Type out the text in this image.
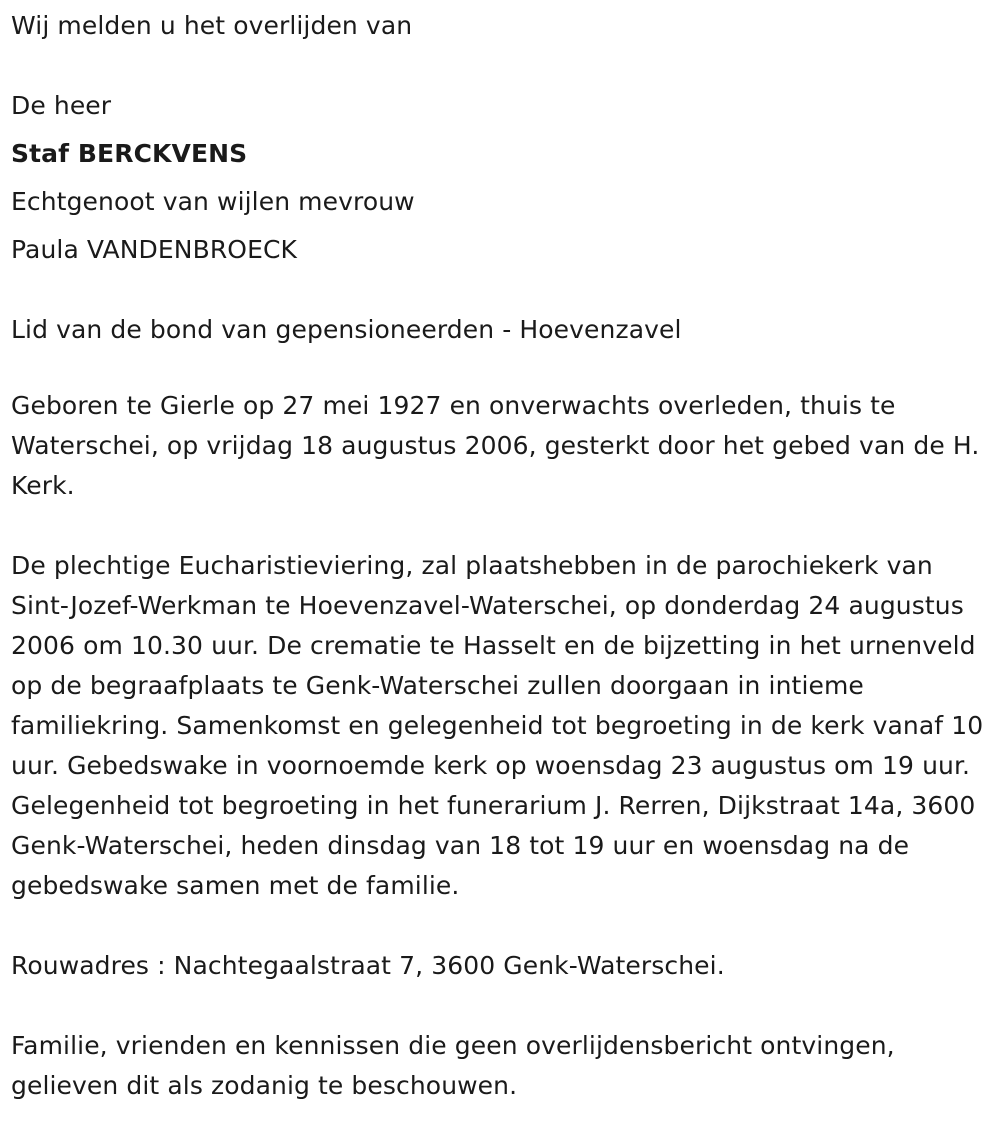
Wij melden u het overlijden van

De heer

Staf BERCKVENS

Echtgenoot van wijlen mevrouw

Paula VANDENBROECK

Lid van de bond van gepensioneerden - Hoevenzavel

Geboren te Gierle op 27 mei 1927 en onverwachts overleden, thuis te Waterschei, op vrijdag 18 augustus 2006, gesterkt door het gebed van de H. Kerk.

De plechtige Eucharistieviering, zal plaatshebben in de parochiekerk van Sint-Jozef-Werkman te Hoevenzavel-Waterschei, op donderdag 24 augustus 2006 om 10.30 uur. De crematie te Hasselt en de bijzetting in het urnenveld op de begraafplaats te Genk-Waterschei zullen doorgaan in intieme familiekring. Samenkomst en gelegenheid tot begroeting in de kerk vanaf 10 uur. Gebedswake in voornoemde kerk op woensdag 23 augustus om 19 uur. Gelegenheid tot begroeting in het funerarium J. Rerren, Dijkstraat 14a, 3600 Genk-Waterschei, heden dinsdag van 18 tot 19 uur en woensdag na de gebedswake samen met de familie.

Rouwadres : Nachtegaalstraat 7, 3600 Genk-Waterschei.

Familie, vrienden en kennissen die geen overlijdensbericht ontvingen, gelieven dit als zodanig te beschouwen.
